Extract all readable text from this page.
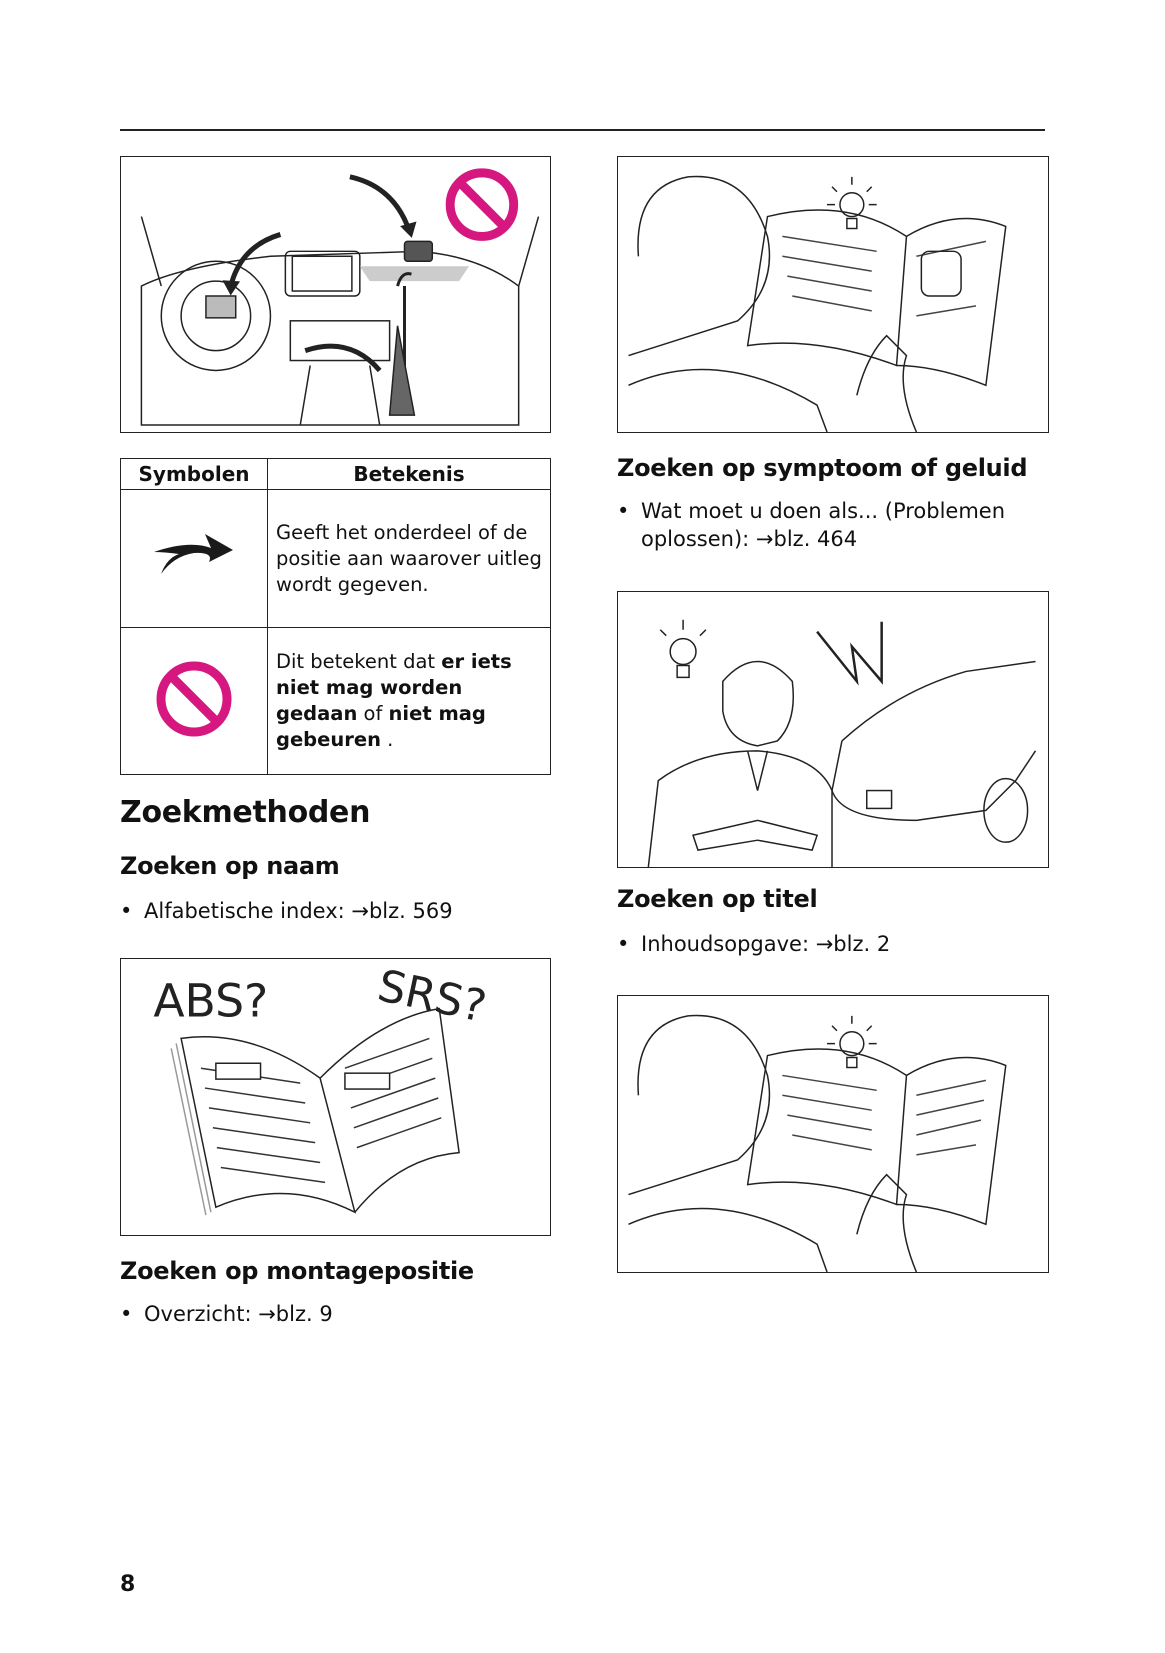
Symbolen	Betekenis
	Geeft het onderdeel of de positie aan waarover uitleg wordt gegeven.
	Dit betekent dat er iets niet mag worden gedaan of niet mag gebeuren .
Zoekmethoden
Zoeken op naam
• Alfabetische index: →blz. 569
ABS? SRS?
Zoeken op montagepositie
• Overzicht: →blz. 9
Zoeken op symptoom of geluid
• Wat moet u doen als... (Problemen oplossen): →blz. 464
Zoeken op titel
• Inhoudsopgave: →blz. 2
8
